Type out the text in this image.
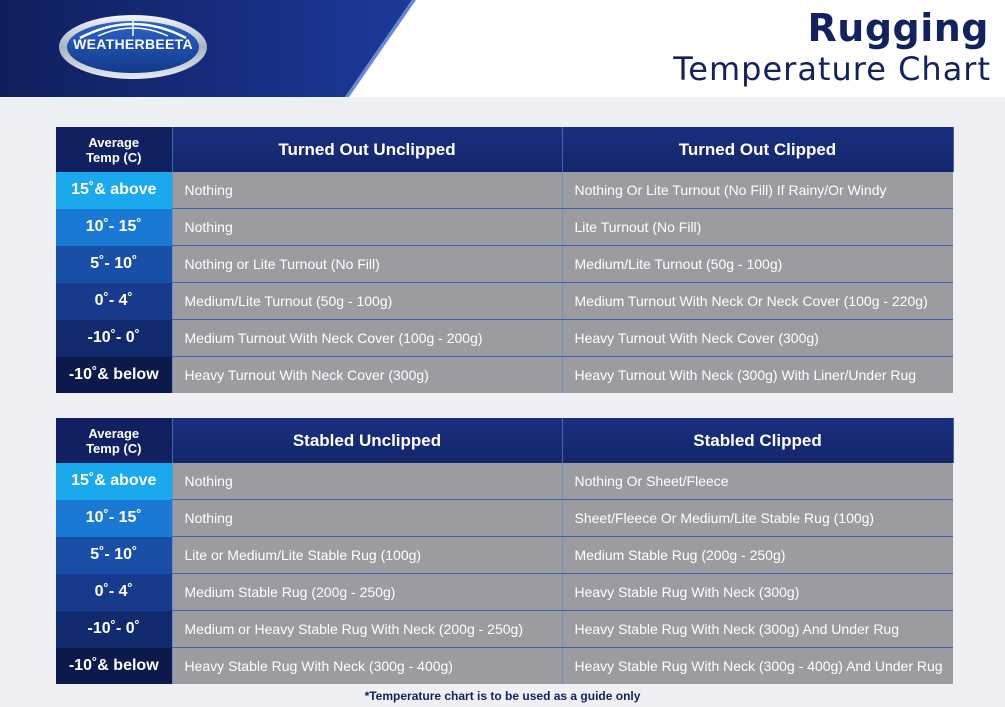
WEATHERBEETA	Rugging
Temperature Chart
Average
Temp (C)	Turned Out Unclipped	Turned Out Clipped
15˚& above	Nothing	Nothing Or Lite Turnout (No Fill) If Rainy/Or Windy
10˚- 15˚	Nothing	Lite Turnout (No Fill)
5˚- 10˚	Nothing or Lite Turnout (No Fill)	Medium/Lite Turnout (50g - 100g)
0˚- 4˚	Medium/Lite Turnout (50g - 100g)	Medium Turnout With Neck Or Neck Cover (100g - 220g)
-10˚- 0˚	Medium Turnout With Neck Cover (100g - 200g)	Heavy Turnout With Neck Cover (300g)
-10˚& below	Heavy Turnout With Neck Cover (300g)	Heavy Turnout With Neck (300g) With Liner/Under Rug
Average
Temp (C)	Stabled Unclipped	Stabled Clipped
15˚& above	Nothing	Nothing Or Sheet/Fleece
10˚- 15˚	Nothing	Sheet/Fleece Or Medium/Lite Stable Rug (100g)
5˚- 10˚	Lite or Medium/Lite Stable Rug (100g)	Medium Stable Rug (200g - 250g)
0˚- 4˚	Medium Stable Rug (200g - 250g)	Heavy Stable Rug With Neck (300g)
-10˚- 0˚	Medium or Heavy Stable Rug With Neck (200g - 250g)	Heavy Stable Rug With Neck (300g) And Under Rug
-10˚& below	Heavy Stable Rug With Neck (300g - 400g)	Heavy Stable Rug With Neck (300g - 400g) And Under Rug
*Temperature chart is to be used as a guide only
